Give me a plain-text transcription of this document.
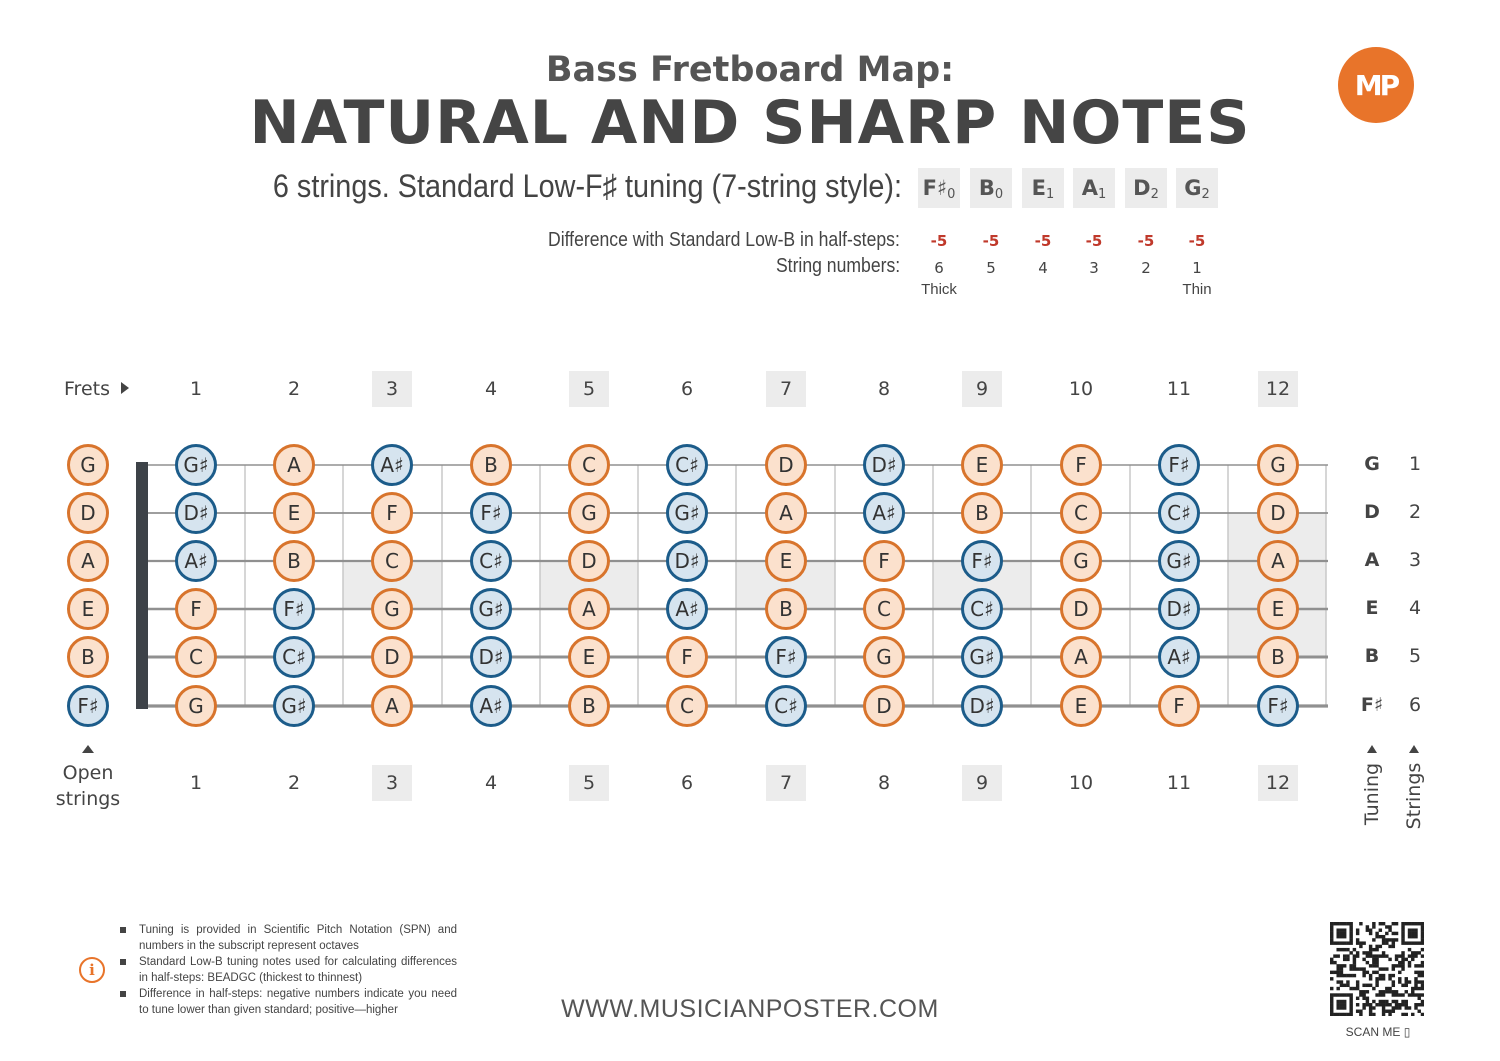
Bass Fretboard Map:
NATURAL AND SHARP NOTES
MP
6 strings. Standard Low-F♯ tuning (7-string style): $F♯_0$	$B_0$	$E_1$	$A_1$	$D_2$	$G_2$
Difference with Standard Low-B in half-steps:	-5	-5	-5	-5	-5	-5
String numbers:	6	5	4	3	2	1
Thick	Thin
Frets	1	2	3	4	5	6	7	8	9	10	11	12
1	2	3	4	5	6	7	8	9	10	11	12
G	G♯	A	A♯	B	C	C♯	D	D♯	E	F	F♯	G
D	D♯	E	F	F♯	G	G♯	A	A♯	B	C	C♯	D
A	A♯	B	C	C♯	D	D♯	E	F	F♯	G	G♯	A
E	F	F♯	G	G♯	A	A♯	B	C	C♯	D	D♯	E
B	C	C♯	D	D♯	E	F	F♯	G	G♯	A	A♯	B
F♯	G	G♯	A	A♯	B	C	C♯	D	D♯	E	F	F♯
Open
strings	Tuning Strings
G	1
D	2
A	3
E	4
B	5
F♯	6
i
Tuning is provided in Scientific Pitch Notation (SPN) and numbers in the subscript represent octaves
Standard Low-B tuning notes used for calculating differences in half-steps: BEADGC (thickest to thinnest)
Difference in half-steps: negative numbers indicate you need to tune lower than given standard; positive—higher	WWW.MUSICIANPOSTER.COM
SCAN ME ▯
